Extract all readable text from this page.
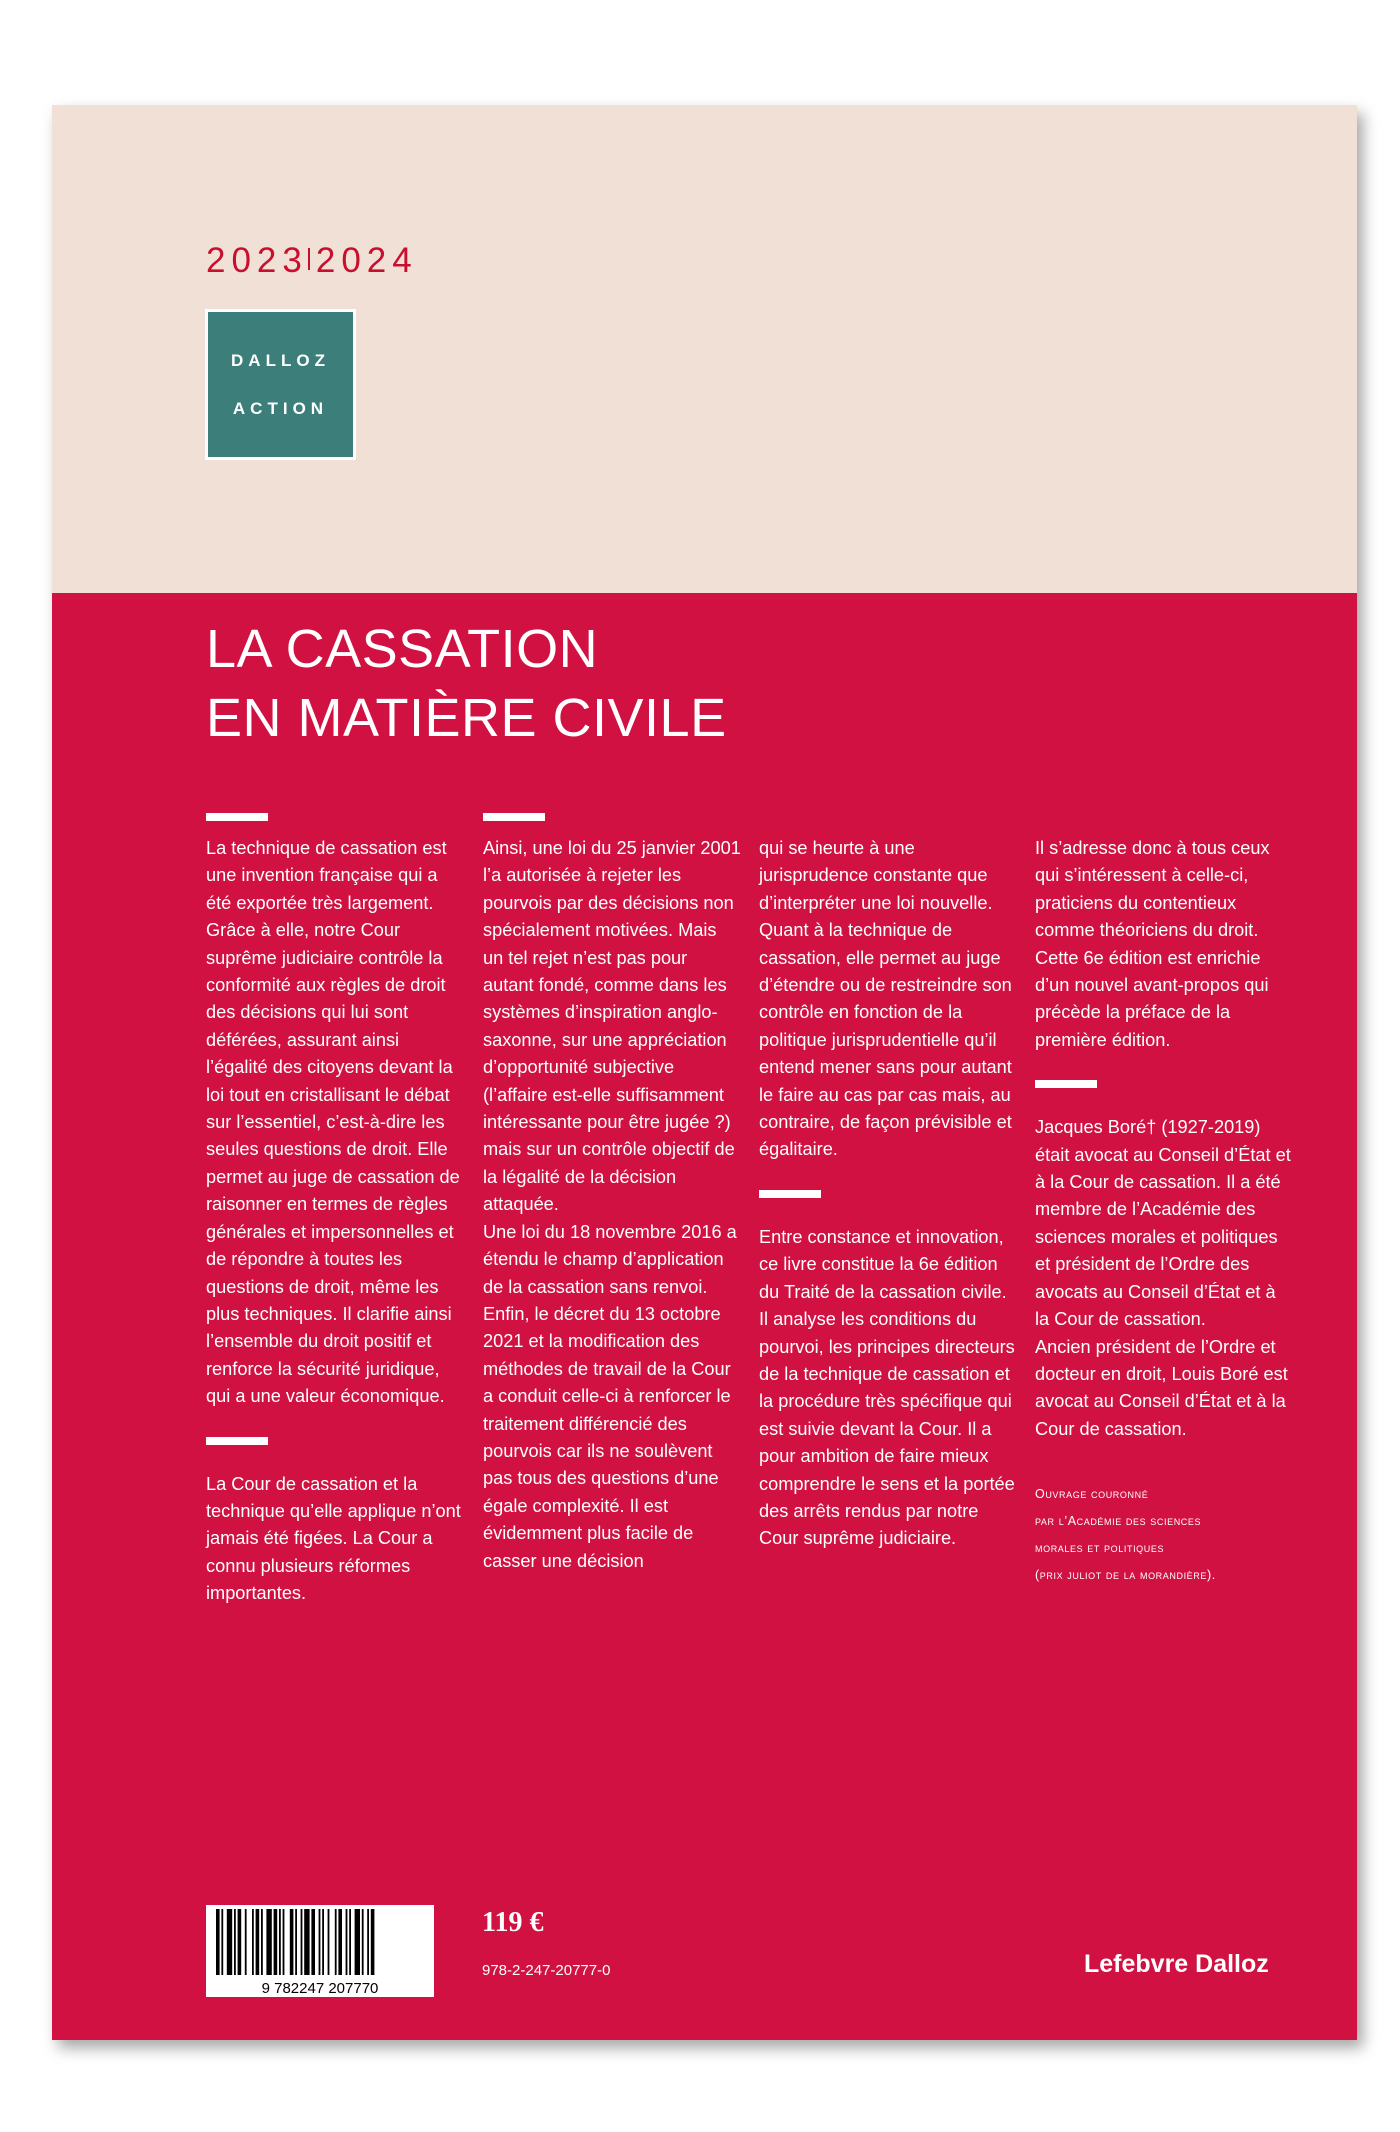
2023 2024
DALLOZ
ACTION
LA CASSATION
EN MATIÈRE CIVILE

La technique de cassation est une invention française qui a été exportée très largement. Grâce à elle, notre Cour suprême judiciaire contrôle la conformité aux règles de droit des décisions qui lui sont déférées, assurant ainsi l’égalité des citoyens devant la loi tout en cristallisant le débat sur l’essentiel, c’est-à-dire les seules questions de droit. Elle permet au juge de cassation de raisonner en termes de règles générales et impersonnelles et de répondre à toutes les questions de droit, même les plus techniques. Il clarifie ainsi l’ensemble du droit positif et renforce la sécurité juridique, qui a une valeur économique.

La Cour de cassation et la technique qu’elle applique n’ont jamais été figées. La Cour a connu plusieurs réformes importantes.

Ainsi, une loi du 25 janvier 2001 l’a autorisée à rejeter les pourvois par des décisions non spécialement motivées. Mais un tel rejet n’est pas pour autant fondé, comme dans les systèmes d’inspiration anglo-saxonne, sur une appréciation d’opportunité subjective (l’affaire est-elle suffisamment intéressante pour être jugée ?) mais sur un contrôle objectif de la légalité de la décision attaquée.

Une loi du 18 novembre 2016 a étendu le champ d’application de la cassation sans renvoi.

Enfin, le décret du 13 octobre 2021 et la modification des méthodes de travail de la Cour a conduit celle-ci à renforcer le traitement différencié des pourvois car ils ne soulèvent pas tous des questions d’une égale complexité. Il est évidemment plus facile de casser une décision

qui se heurte à une jurisprudence constante que d’interpréter une loi nouvelle.

Quant à la technique de cassation, elle permet au juge d’étendre ou de restreindre son contrôle en fonction de la politique jurisprudentielle qu’il entend mener sans pour autant le faire au cas par cas mais, au contraire, de façon prévisible et égalitaire.

Entre constance et innovation, ce livre constitue la 6e édition du Traité de la cassation civile. Il analyse les conditions du pourvoi, les principes directeurs de la technique de cassation et la procédure très spécifique qui est suivie devant la Cour. Il a pour ambition de faire mieux comprendre le sens et la portée des arrêts rendus par notre Cour suprême judiciaire.

Il s’adresse donc à tous ceux qui s’intéressent à celle-ci, praticiens du contentieux comme théoriciens du droit. Cette 6e édition est enrichie d’un nouvel avant-propos qui précède la préface de la première édition.

Jacques Boré† (1927-2019) était avocat au Conseil d’État et à la Cour de cassation. Il a été membre de l’Académie des sciences morales et politiques et président de l’Ordre des avocats au Conseil d’État et à la Cour de cassation.

Ancien président de l’Ordre et docteur en droit, Louis Boré est avocat au Conseil d’État et à la Cour de cassation.

Ouvrage couronné
par l’Académie des sciences
morales et politiques
(prix juliot de la morandière).
9 782247 207770
119 €
978-2-247-20777-0	Lefebvre Dalloz
